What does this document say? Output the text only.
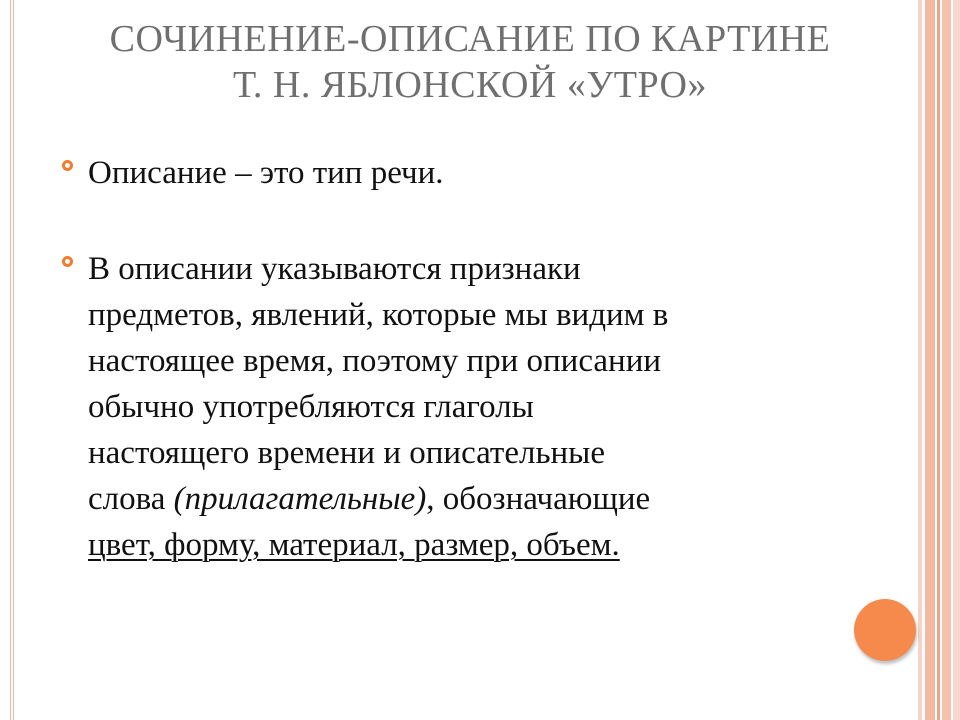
СОЧИНЕНИЕ-ОПИСАНИЕ ПО КАРТИНЕ
Т. Н. ЯБЛОНСКОЙ «УТРО»
Описание – это тип речи.
В описании указываются признаки
предметов, явлений, которые мы видим в
настоящее время, поэтому при описании
обычно употребляются глаголы
настоящего времени и описательные
слова (прилагательные), обозначающие
цвет, форму, материал, размер, объем.
